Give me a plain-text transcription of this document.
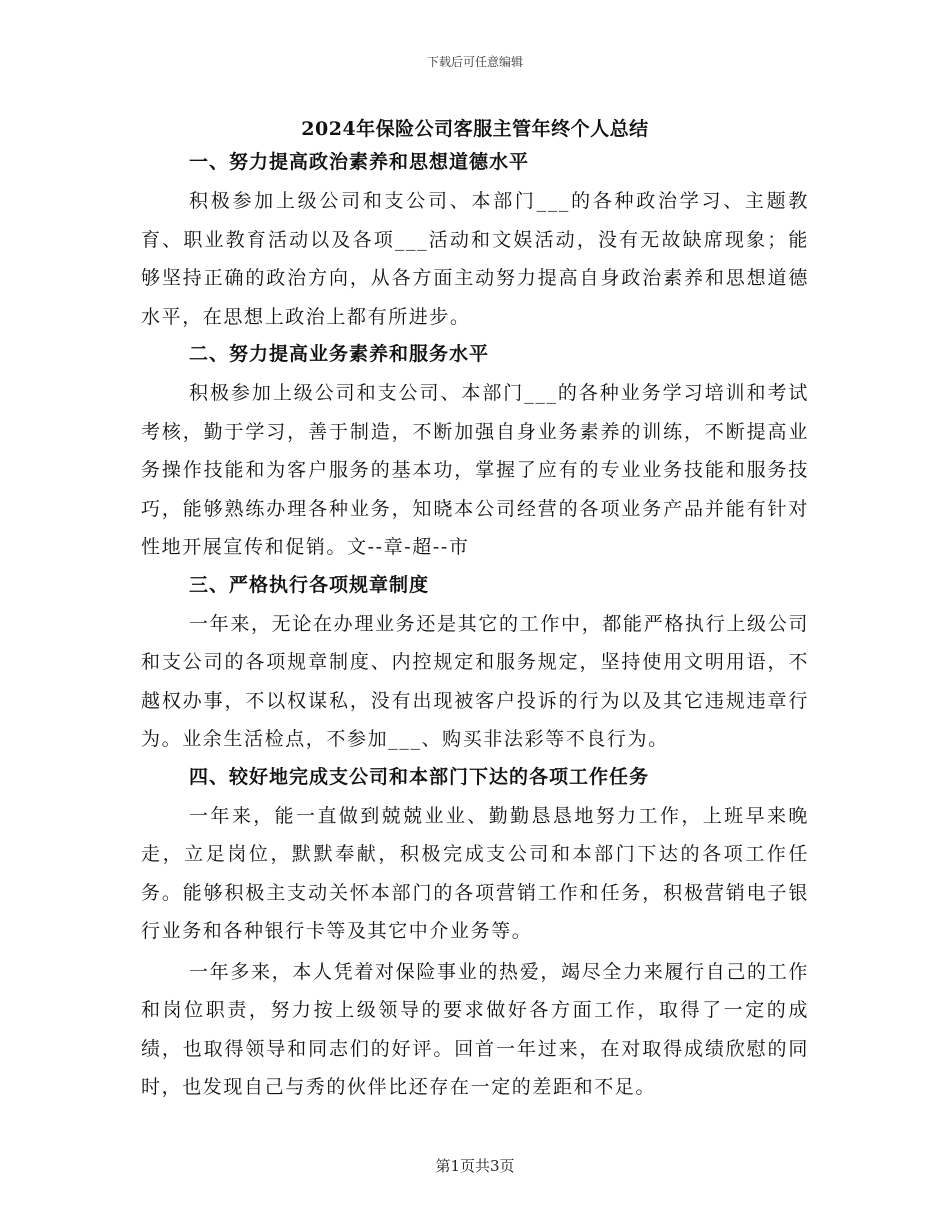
下载后可任意编辑
2024年保险公司客服主管年终个人总结
一、努力提高政治素养和思想道德水平

积极参加上级公司和支公司、本部门___的各种政治学习、主题教育、职业教育活动以及各项___活动和文娱活动，没有无故缺席现象；能够坚持正确的政治方向，从各方面主动努力提高自身政治素养和思想道德水平，在思想上政治上都有所进步。

二、努力提高业务素养和服务水平

积极参加上级公司和支公司、本部门___的各种业务学习培训和考试考核，勤于学习，善于制造，不断加强自身业务素养的训练，不断提高业务操作技能和为客户服务的基本功，掌握了应有的专业业务技能和服务技巧，能够熟练办理各种业务，知晓本公司经营的各项业务产品并能有针对性地开展宣传和促销。文--章-超--市

三、严格执行各项规章制度

一年来，无论在办理业务还是其它的工作中，都能严格执行上级公司和支公司的各项规章制度、内控规定和服务规定，坚持使用文明用语，不越权办事，不以权谋私，没有出现被客户投诉的行为以及其它违规违章行为。业余生活检点，不参加___、购买非法彩等不良行为。

四、较好地完成支公司和本部门下达的各项工作任务

一年来，能一直做到兢兢业业、勤勤恳恳地努力工作，上班早来晚走，立足岗位，默默奉献，积极完成支公司和本部门下达的各项工作任务。能够积极主支动关怀本部门的各项营销工作和任务，积极营销电子银行业务和各种银行卡等及其它中介业务等。

一年多来，本人凭着对保险事业的热爱，竭尽全力来履行自己的工作和岗位职责，努力按上级领导的要求做好各方面工作，取得了一定的成绩，也取得领导和同志们的好评。回首一年过来，在对取得成绩欣慰的同时，也发现自己与秀的伙伴比还存在一定的差距和不足。

第1页共3页
